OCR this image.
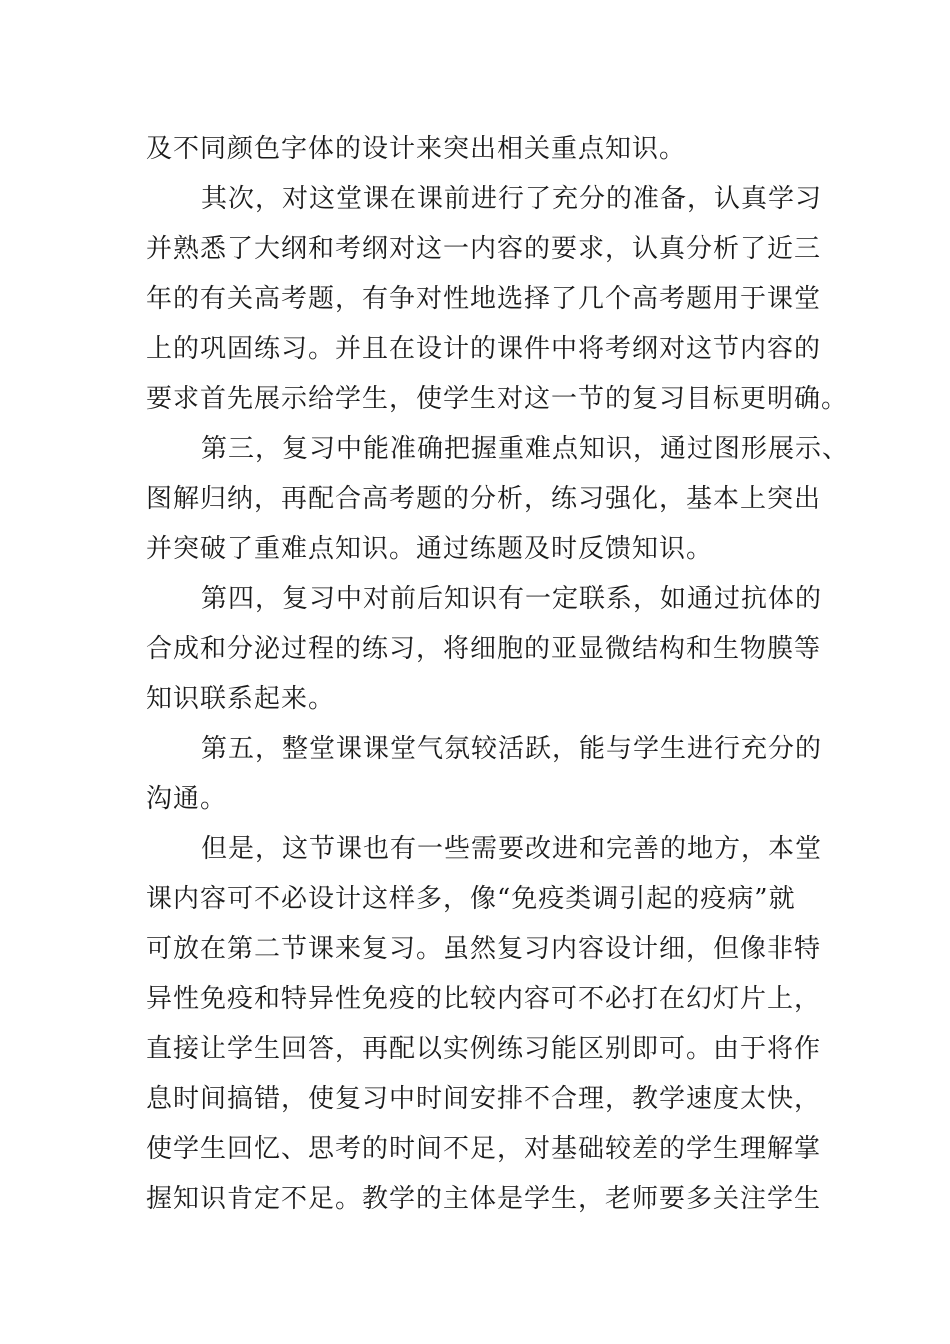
及不同颜色字体的设计来突出相关重点知识。
其次，对这堂课在课前进行了充分的准备，认真学习
并熟悉了大纲和考纲对这一内容的要求，认真分析了近三
年的有关高考题，有争对性地选择了几个高考题用于课堂
上的巩固练习。并且在设计的课件中将考纲对这节内容的
要求首先展示给学生，使学生对这一节的复习目标更明确。
第三，复习中能准确把握重难点知识，通过图形展示、
图解归纳，再配合高考题的分析，练习强化，基本上突出
并突破了重难点知识。通过练题及时反馈知识。
第四，复习中对前后知识有一定联系，如通过抗体的
合成和分泌过程的练习，将细胞的亚显微结构和生物膜等
知识联系起来。
第五，整堂课课堂气氛较活跃，能与学生进行充分的
沟通。
但是，这节课也有一些需要改进和完善的地方，本堂
课内容可不必设计这样多，像“免疫类调引起的疫病”就
可放在第二节课来复习。虽然复习内容设计细，但像非特
异性免疫和特异性免疫的比较内容可不必打在幻灯片上，
直接让学生回答，再配以实例练习能区别即可。由于将作
息时间搞错，使复习中时间安排不合理，教学速度太快，
使学生回忆、思考的时间不足，对基础较差的学生理解掌
握知识肯定不足。教学的主体是学生，老师要多关注学生
